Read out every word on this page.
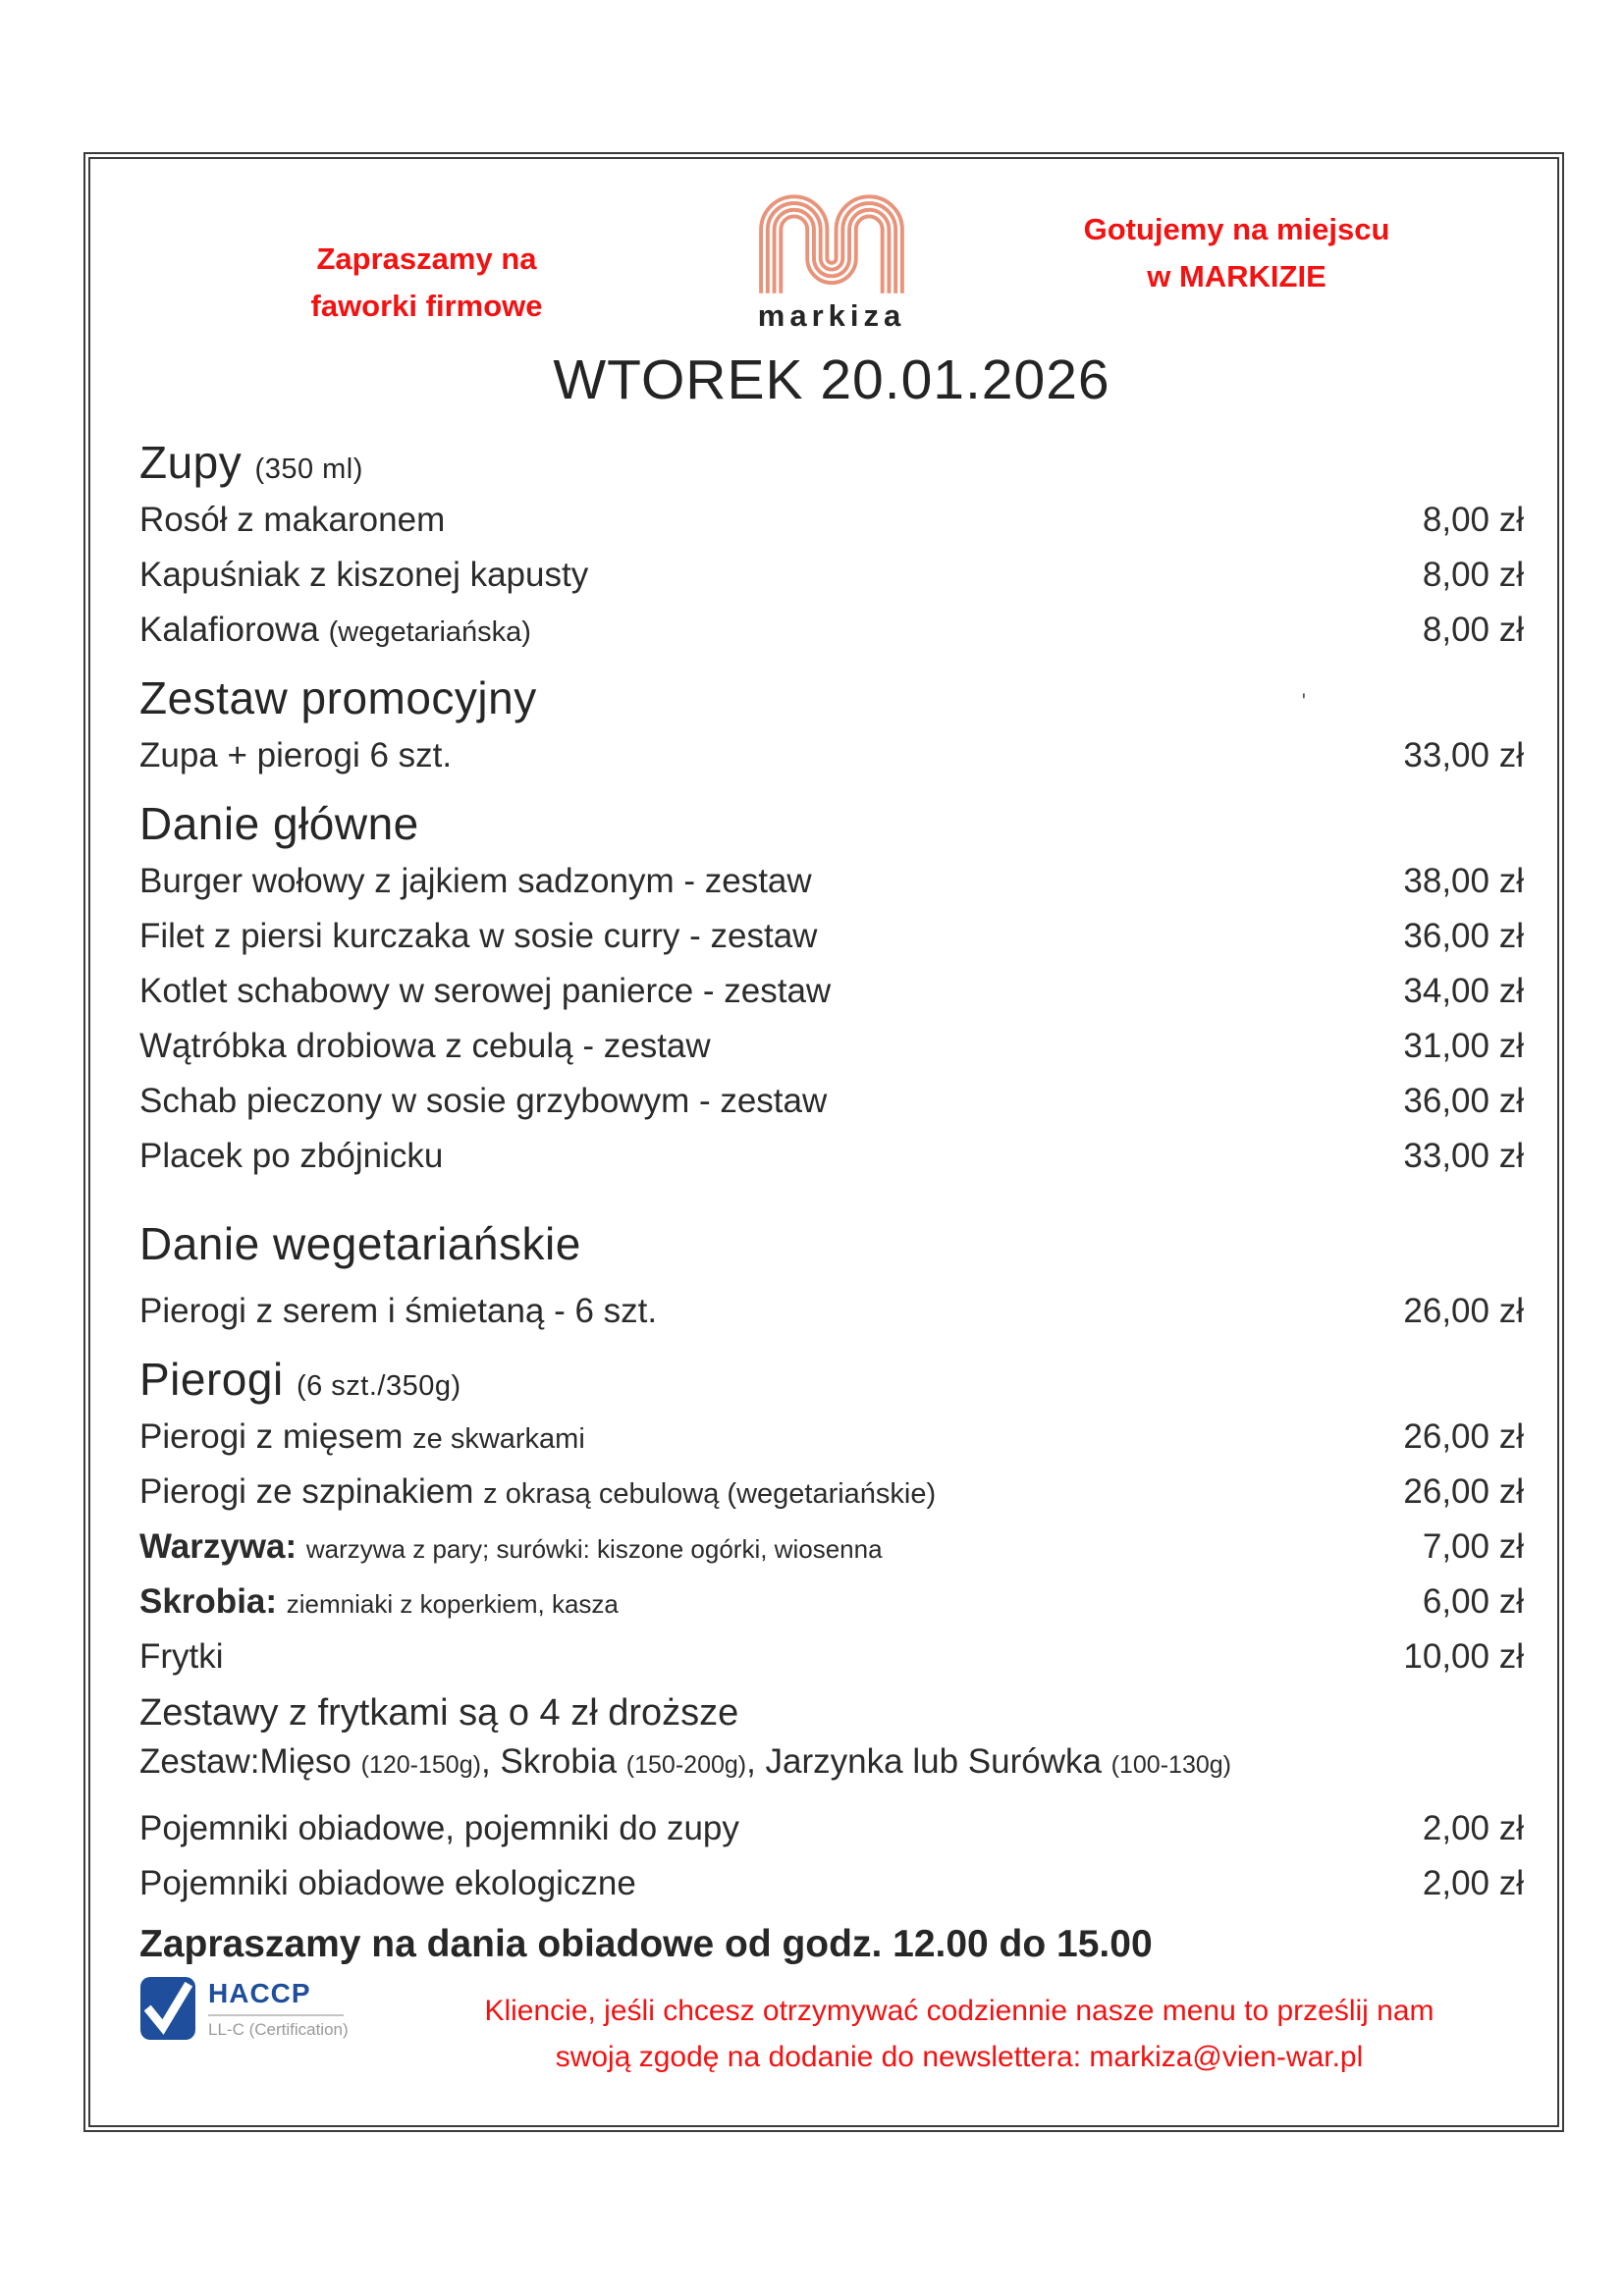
Zapraszamy na
faworki firmowe	markiza
Gotujemy na miejscu
w MARKIZIE
WTOREK 20.01.2026
Zupy (350 ml)
Rosół z makaronem	8,00 zł
Kapuśniak z kiszonej kapusty	8,00 zł
Kalafiorowa (wegetariańska)	8,00 zł
Zestaw promocyjny	'
Zupa + pierogi 6 szt.	33,00 zł
Danie główne
Burger wołowy z jajkiem sadzonym - zestaw	38,00 zł
Filet z piersi kurczaka w sosie curry - zestaw	36,00 zł
Kotlet schabowy w serowej panierce - zestaw	34,00 zł
Wątróbka drobiowa z cebulą - zestaw	31,00 zł
Schab pieczony w sosie grzybowym - zestaw	36,00 zł
Placek po zbójnicku	33,00 zł
Danie wegetariańskie
Pierogi z serem i śmietaną - 6 szt.	26,00 zł
Pierogi (6 szt./350g)
Pierogi z mięsem ze skwarkami	26,00 zł
Pierogi ze szpinakiem z okrasą cebulową (wegetariańskie)	26,00 zł
Warzywa: warzywa z pary; surówki: kiszone ogórki, wiosenna	7,00 zł
Skrobia: ziemniaki z koperkiem, kasza	6,00 zł
Frytki	10,00 zł
Zestawy z frytkami są o 4 zł droższe
Zestaw:Mięso (120-150g), Skrobia (150-200g), Jarzynka lub Surówka (100-130g)
Pojemniki obiadowe, pojemniki do zupy	2,00 zł
Pojemniki obiadowe ekologiczne	2,00 zł
Zapraszamy na dania obiadowe od godz. 12.00 do 15.00
HACCP
LL-C (Certification)
Kliencie, jeśli chcesz otrzymywać codziennie nasze menu to prześlij nam
swoją zgodę na dodanie do newslettera: markiza@vien-war.pl
